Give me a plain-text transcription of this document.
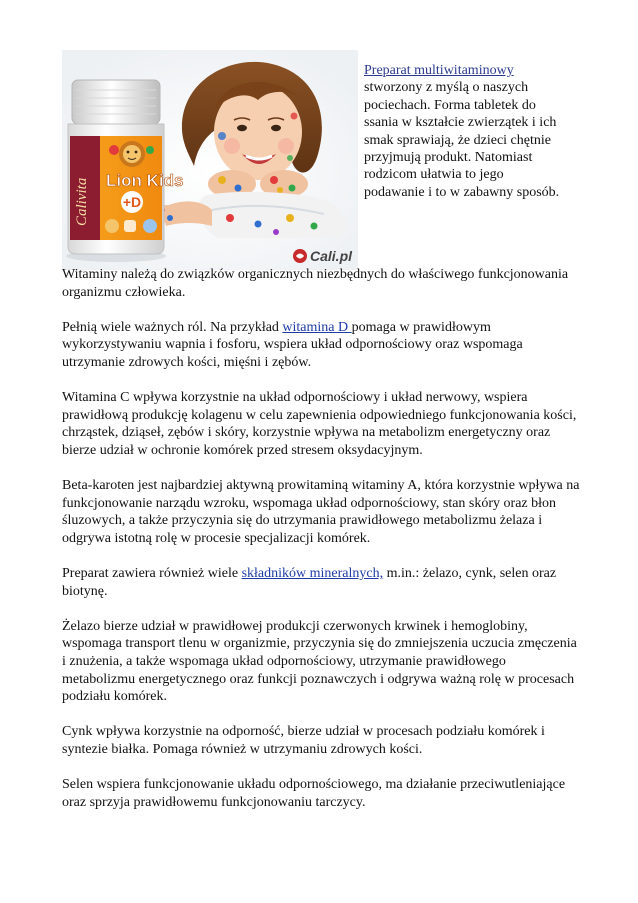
Calivita Lion Kids
+D
Cali.pl
Preparat multiwitaminowy stworzony z myślą o naszych pociechach. Forma tabletek do ssania w kształcie zwierzątek i ich smak sprawiają, że dzieci chętnie przyjmują produkt. Natomiast rodzicom ułatwia to jego podawanie i to w zabawny sposób.

Witaminy należą do związków organicznych niezbędnych do właściwego funkcjonowania organizmu człowieka.

Pełnią wiele ważnych ról. Na przykład witamina D pomaga w prawidłowym wykorzystywaniu wapnia i fosforu, wspiera układ odpornościowy oraz wspomaga utrzymanie zdrowych kości, mięśni i zębów.

Witamina C wpływa korzystnie na układ odpornościowy i układ nerwowy, wspiera prawidłową produkcję kolagenu w celu zapewnienia odpowiedniego funkcjonowania kości, chrząstek, dziąseł, zębów i skóry, korzystnie wpływa na metabolizm energetyczny oraz bierze udział w ochronie komórek przed stresem oksydacyjnym.

Beta-karoten jest najbardziej aktywną prowitaminą witaminy A, która korzystnie wpływa na funkcjonowanie narządu wzroku, wspomaga układ odpornościowy, stan skóry oraz błon śluzowych, a także przyczynia się do utrzymania prawidłowego metabolizmu żelaza i odgrywa istotną rolę w procesie specjalizacji komórek.

Preparat zawiera również wiele składników mineralnych, m.in.: żelazo, cynk, selen oraz biotynę.

Żelazo bierze udział w prawidłowej produkcji czerwonych krwinek i hemoglobiny, wspomaga transport tlenu w organizmie, przyczynia się do zmniejszenia uczucia zmęczenia i znużenia, a także wspomaga układ odpornościowy, utrzymanie prawidłowego metabolizmu energetycznego oraz funkcji poznawczych i odgrywa ważną rolę w procesach podziału komórek.

Cynk wpływa korzystnie na odporność, bierze udział w procesach podziału komórek i syntezie białka. Pomaga również w utrzymaniu zdrowych kości.

Selen wspiera funkcjonowanie układu odpornościowego, ma działanie przeciwutleniające oraz sprzyja prawidłowemu funkcjonowaniu tarczycy.
